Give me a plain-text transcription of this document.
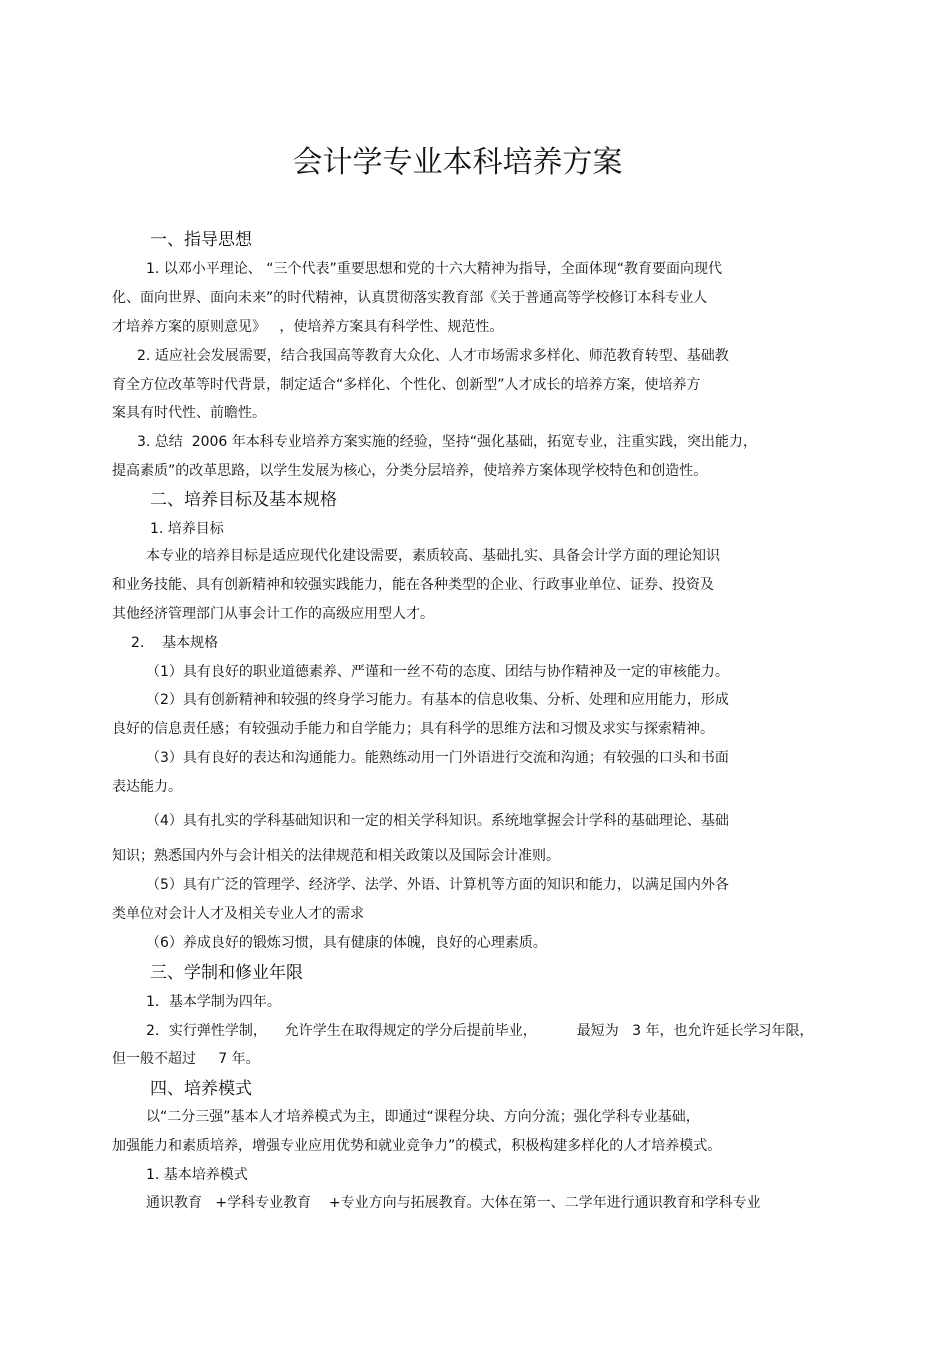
会计学专业本科培养方案
一、指导思想
1. 以邓小平理论、 “三个代表”重要思想和党的十六大精神为指导，全面体现“教育要面向现代
化、面向世界、面向未来”的时代精神，认真贯彻落实教育部《关于普通高等学校修订本科专业人
才培养方案的原则意见》   ，使培养方案具有科学性、规范性。
2. 适应社会发展需要，结合我国高等教育大众化、人才市场需求多样化、师范教育转型、基础教
育全方位改革等时代背景，制定适合“多样化、个性化、创新型”人才成长的培养方案，使培养方
案具有时代性、前瞻性。
3. 总结  2006 年本科专业培养方案实施的经验，坚持“强化基础，拓宽专业，注重实践，突出能力，
提高素质”的改革思路，以学生发展为核心，分类分层培养，使培养方案体现学校特色和创造性。
二、培养目标及基本规格
1. 培养目标
本专业的培养目标是适应现代化建设需要，素质较高、基础扎实、具备会计学方面的理论知识
和业务技能、具有创新精神和较强实践能力，能在各种类型的企业、行政事业单位、证券、投资及
其他经济管理部门从事会计工作的高级应用型人才。
2.    基本规格
（1）具有良好的职业道德素养、严谨和一丝不苟的态度、团结与协作精神及一定的审核能力。
（2）具有创新精神和较强的终身学习能力。有基本的信息收集、分析、处理和应用能力，形成
良好的信息责任感；有较强动手能力和自学能力；具有科学的思维方法和习惯及求实与探索精神。
（3）具有良好的表达和沟通能力。能熟练动用一门外语进行交流和沟通；有较强的口头和书面
表达能力。
（4）具有扎实的学科基础知识和一定的相关学科知识。系统地掌握会计学科的基础理论、基础
知识；熟悉国内外与会计相关的法律规范和相关政策以及国际会计准则。
（5）具有广泛的管理学、经济学、法学、外语、计算机等方面的知识和能力，以满足国内外各
类单位对会计人才及相关专业人才的需求
（6）养成良好的锻炼习惯，具有健康的体魄，良好的心理素质。
三、学制和修业年限
1．基本学制为四年。
2．实行弹性学制，    允许学生在取得规定的学分后提前毕业，         最短为   3 年，也允许延长学习年限，
但一般不超过     7 年。
四、培养模式
以“二分三强”基本人才培养模式为主，即通过“课程分块、方向分流；强化学科专业基础，
加强能力和素质培养，增强专业应用优势和就业竞争力”的模式，积极构建多样化的人才培养模式。
1. 基本培养模式
通识教育   +学科专业教育    +专业方向与拓展教育。大体在第一、二学年进行通识教育和学科专业
